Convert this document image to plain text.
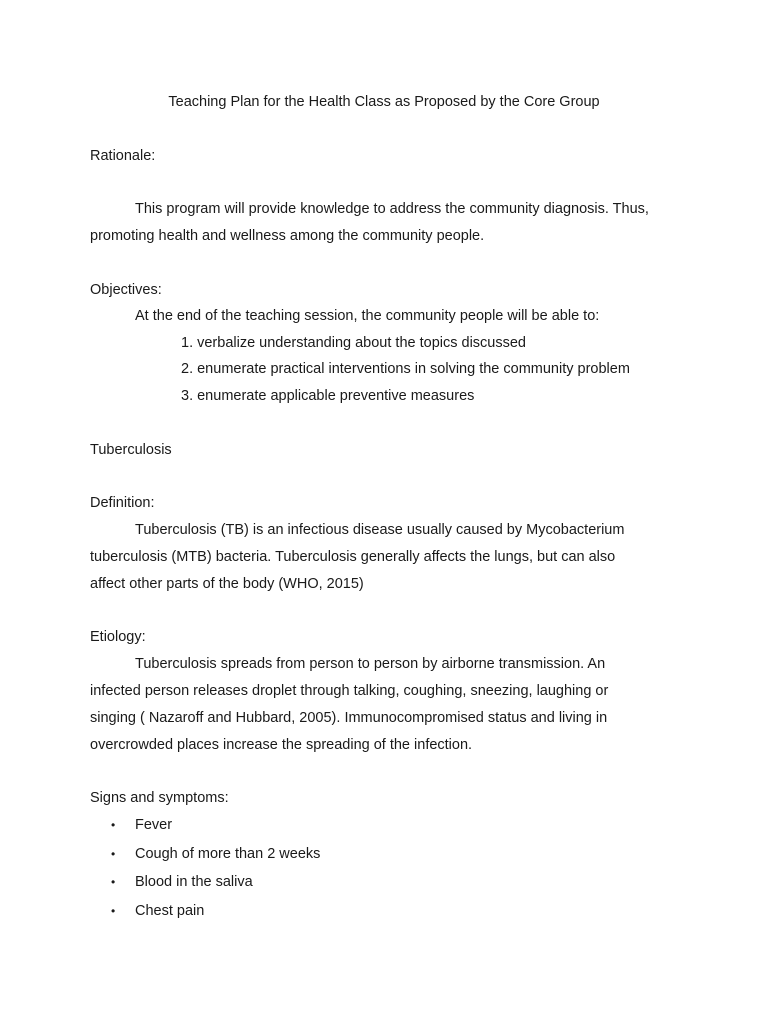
Teaching Plan for the Health Class as Proposed by the Core Group
Rationale:
This program will provide knowledge to address the community diagnosis. Thus,
promoting health and wellness among the community people.
Objectives:
At the end of the teaching session, the community people will be able to:
1. verbalize understanding about the topics discussed
2. enumerate practical interventions in solving the community problem
3. enumerate applicable preventive measures
Tuberculosis
Definition:
Tuberculosis (TB) is an infectious disease usually caused by Mycobacterium
tuberculosis (MTB) bacteria. Tuberculosis generally affects the lungs, but can also
affect other parts of the body (WHO, 2015)
Etiology:
Tuberculosis spreads from person to person by airborne transmission. An
infected person releases droplet through talking, coughing, sneezing, laughing or
singing ( Nazaroff and Hubbard, 2005). Immunocompromised status and living in
overcrowded places increase the spreading of the infection.
Signs and symptoms:
• Fever
• Cough of more than 2 weeks
• Blood in the saliva
• Chest pain
